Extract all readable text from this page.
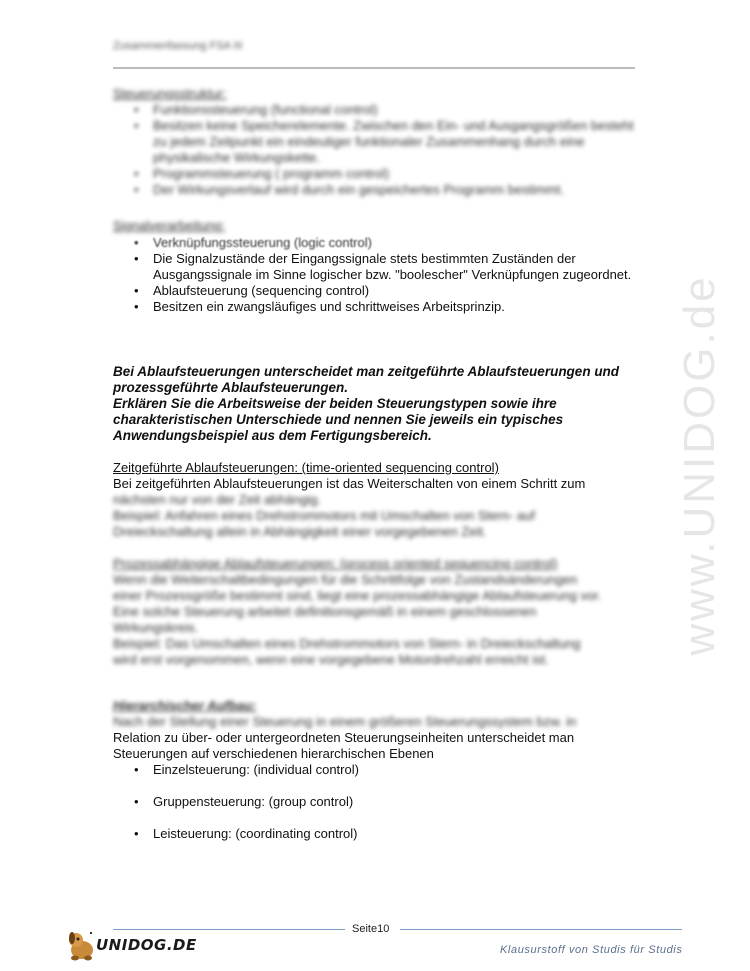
www.UNIDOG.de
Zusammenfassung FSA III
Steuerungsstruktur:
• Funktionssteuerung (functional control)
• Besitzen keine Speicherelemente. Zwischen den Ein- und Ausgangsgrößen besteht zu jedem Zeitpunkt ein eindeutiger funktionaler Zusammenhang durch eine physikalische Wirkungskette.
• Programmsteuerung ( programm control)
• Der Wirkungsverlauf wird durch ein gespeichertes Programm bestimmt.
Signalverarbeitung:
• Verknüpfungssteuerung (logic control)
• Die Signalzustände der Eingangssignale stets bestimmten Zuständen der Ausgangssignale im Sinne logischer bzw. "boolescher" Verknüpfungen zugeordnet.
• Ablaufsteuerung (sequencing control)
• Besitzen ein zwangsläufiges und schrittweises Arbeitsprinzip.
Bei Ablaufsteuerungen unterscheidet man zeitgeführte Ablaufsteuerungen und
prozessgeführte Ablaufsteuerungen.
Erklären Sie die Arbeitsweise der beiden Steuerungstypen sowie ihre
charakteristischen Unterschiede und nennen Sie jeweils ein typisches
Anwendungsbeispiel aus dem Fertigungsbereich.
Zeitgeführte Ablaufsteuerungen: (time-oriented sequencing control)
Bei zeitgeführten Ablaufsteuerungen ist das Weiterschalten von einem Schritt zum
nächsten nur von der Zeit abhängig.
Beispiel: Anfahren eines Drehstrommotors mit Umschalten von Stern- auf
Dreieckschaltung allein in Abhängigkeit einer vorgegebenen Zeit.
Prozessabhängige Ablaufsteuerungen: (process oriented sequencing control)
Wenn die Weiterschaltbedingungen für die Schrittfolge von Zustandsänderungen
einer Prozessgröße bestimmt sind, liegt eine prozessabhängige Ablaufsteuerung vor.
Eine solche Steuerung arbeitet definitionsgemäß in einem geschlossenen
Wirkungskreis.
Beispiel: Das Umschalten eines Drehstrommotors von Stern- in Dreieckschaltung
wird erst vorgenommen, wenn eine vorgegebene Motordrehzahl erreicht ist.
Hierarchischer Aufbau:
Nach der Stellung einer Steuerung in einem größeren Steuerungssystem bzw. in
Relation zu über- oder untergeordneten Steuerungseinheiten unterscheidet man
Steuerungen auf verschiedenen hierarchischen Ebenen
• Einzelsteuerung: (individual control)
• Gruppensteuerung: (group control)
• Leisteuerung: (coordinating control)
Seite10
UNIDOG.DE	Klausurstoff von Studis für Studis
